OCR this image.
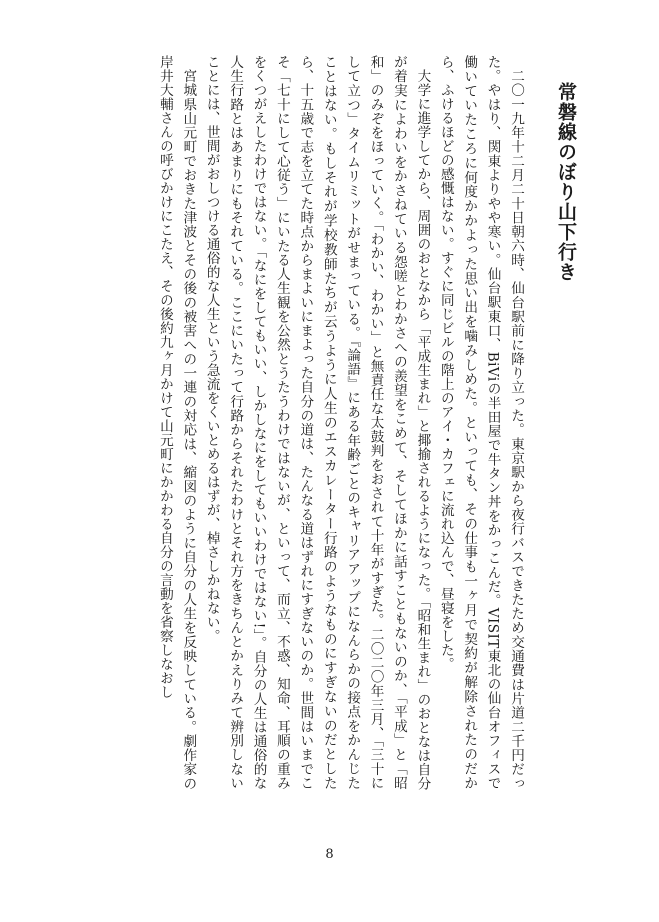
常磐線のぼり山下行き

二〇一九年十二月二十日朝六時、仙台駅前に降り立った。東京駅から夜行バスできたため交通費は片道二千円だった。やはり、関東よりやや寒い。仙台駅東口、BiViの半田屋で牛タン丼をかっこんだ。VISIT東北の仙台オフィスで働いていたころに何度かかよった思い出を噛みしめた。といっても、その仕事も一ヶ月で契約が解除されたのだから、ふけるほどの感慨はない。すぐに同じビルの階上のアイ・カフェに流れ込んで、昼寝をした。

大学に進学してから、周囲のおとなから「平成生まれ」と揶揄されるようになった。「昭和生まれ」のおとなは自分が着実によわいをかさねている怨嗟とわかさへの羨望をこめて、そしてほかに話すこともないのか、「平成」と「昭和」のみぞをほっていく。「わかい、わかい」と無責任な太鼓判をおされて十年がすぎた。二〇二〇年三月、「三十にして立つ」タイムリミットがせまっている。『論語』にある年齢ごとのキャリアアップになんらかの接点をかんじたことはない。もしそれが学校教師たちが云うように人生のエスカレーター行路のようなものにすぎないのだとしたら、十五歳で志を立てた時点からまよいにまよった自分の道は、たんなる道はずれにすぎないのか。世間はいまでこそ「七十にして心従う」にいたる人生観を公然とうたうわけではないが、といって、而立、不惑、知命、耳順の重みをくつがえしたわけではない。「なにをしてもいい、しかしなにをしてもいいわけではない!」。自分の人生は通俗的な人生行路とはあまりにもそれている。ここにいたって行路からそれたわけとそれ方をきちんとかえりみて辨別しないことには、世間がおしつける通俗的な人生という急流をくいとめるはずが、棹さしかねない。

宮城県山元町でおきた津波とその後の被害への一連の対応は、縮図のように自分の人生を反映している。劇作家の岸井大輔さんの呼びかけにこたえ、その後約九ヶ月かけて山元町にかかわる自分の言動を省察しなおし

8
